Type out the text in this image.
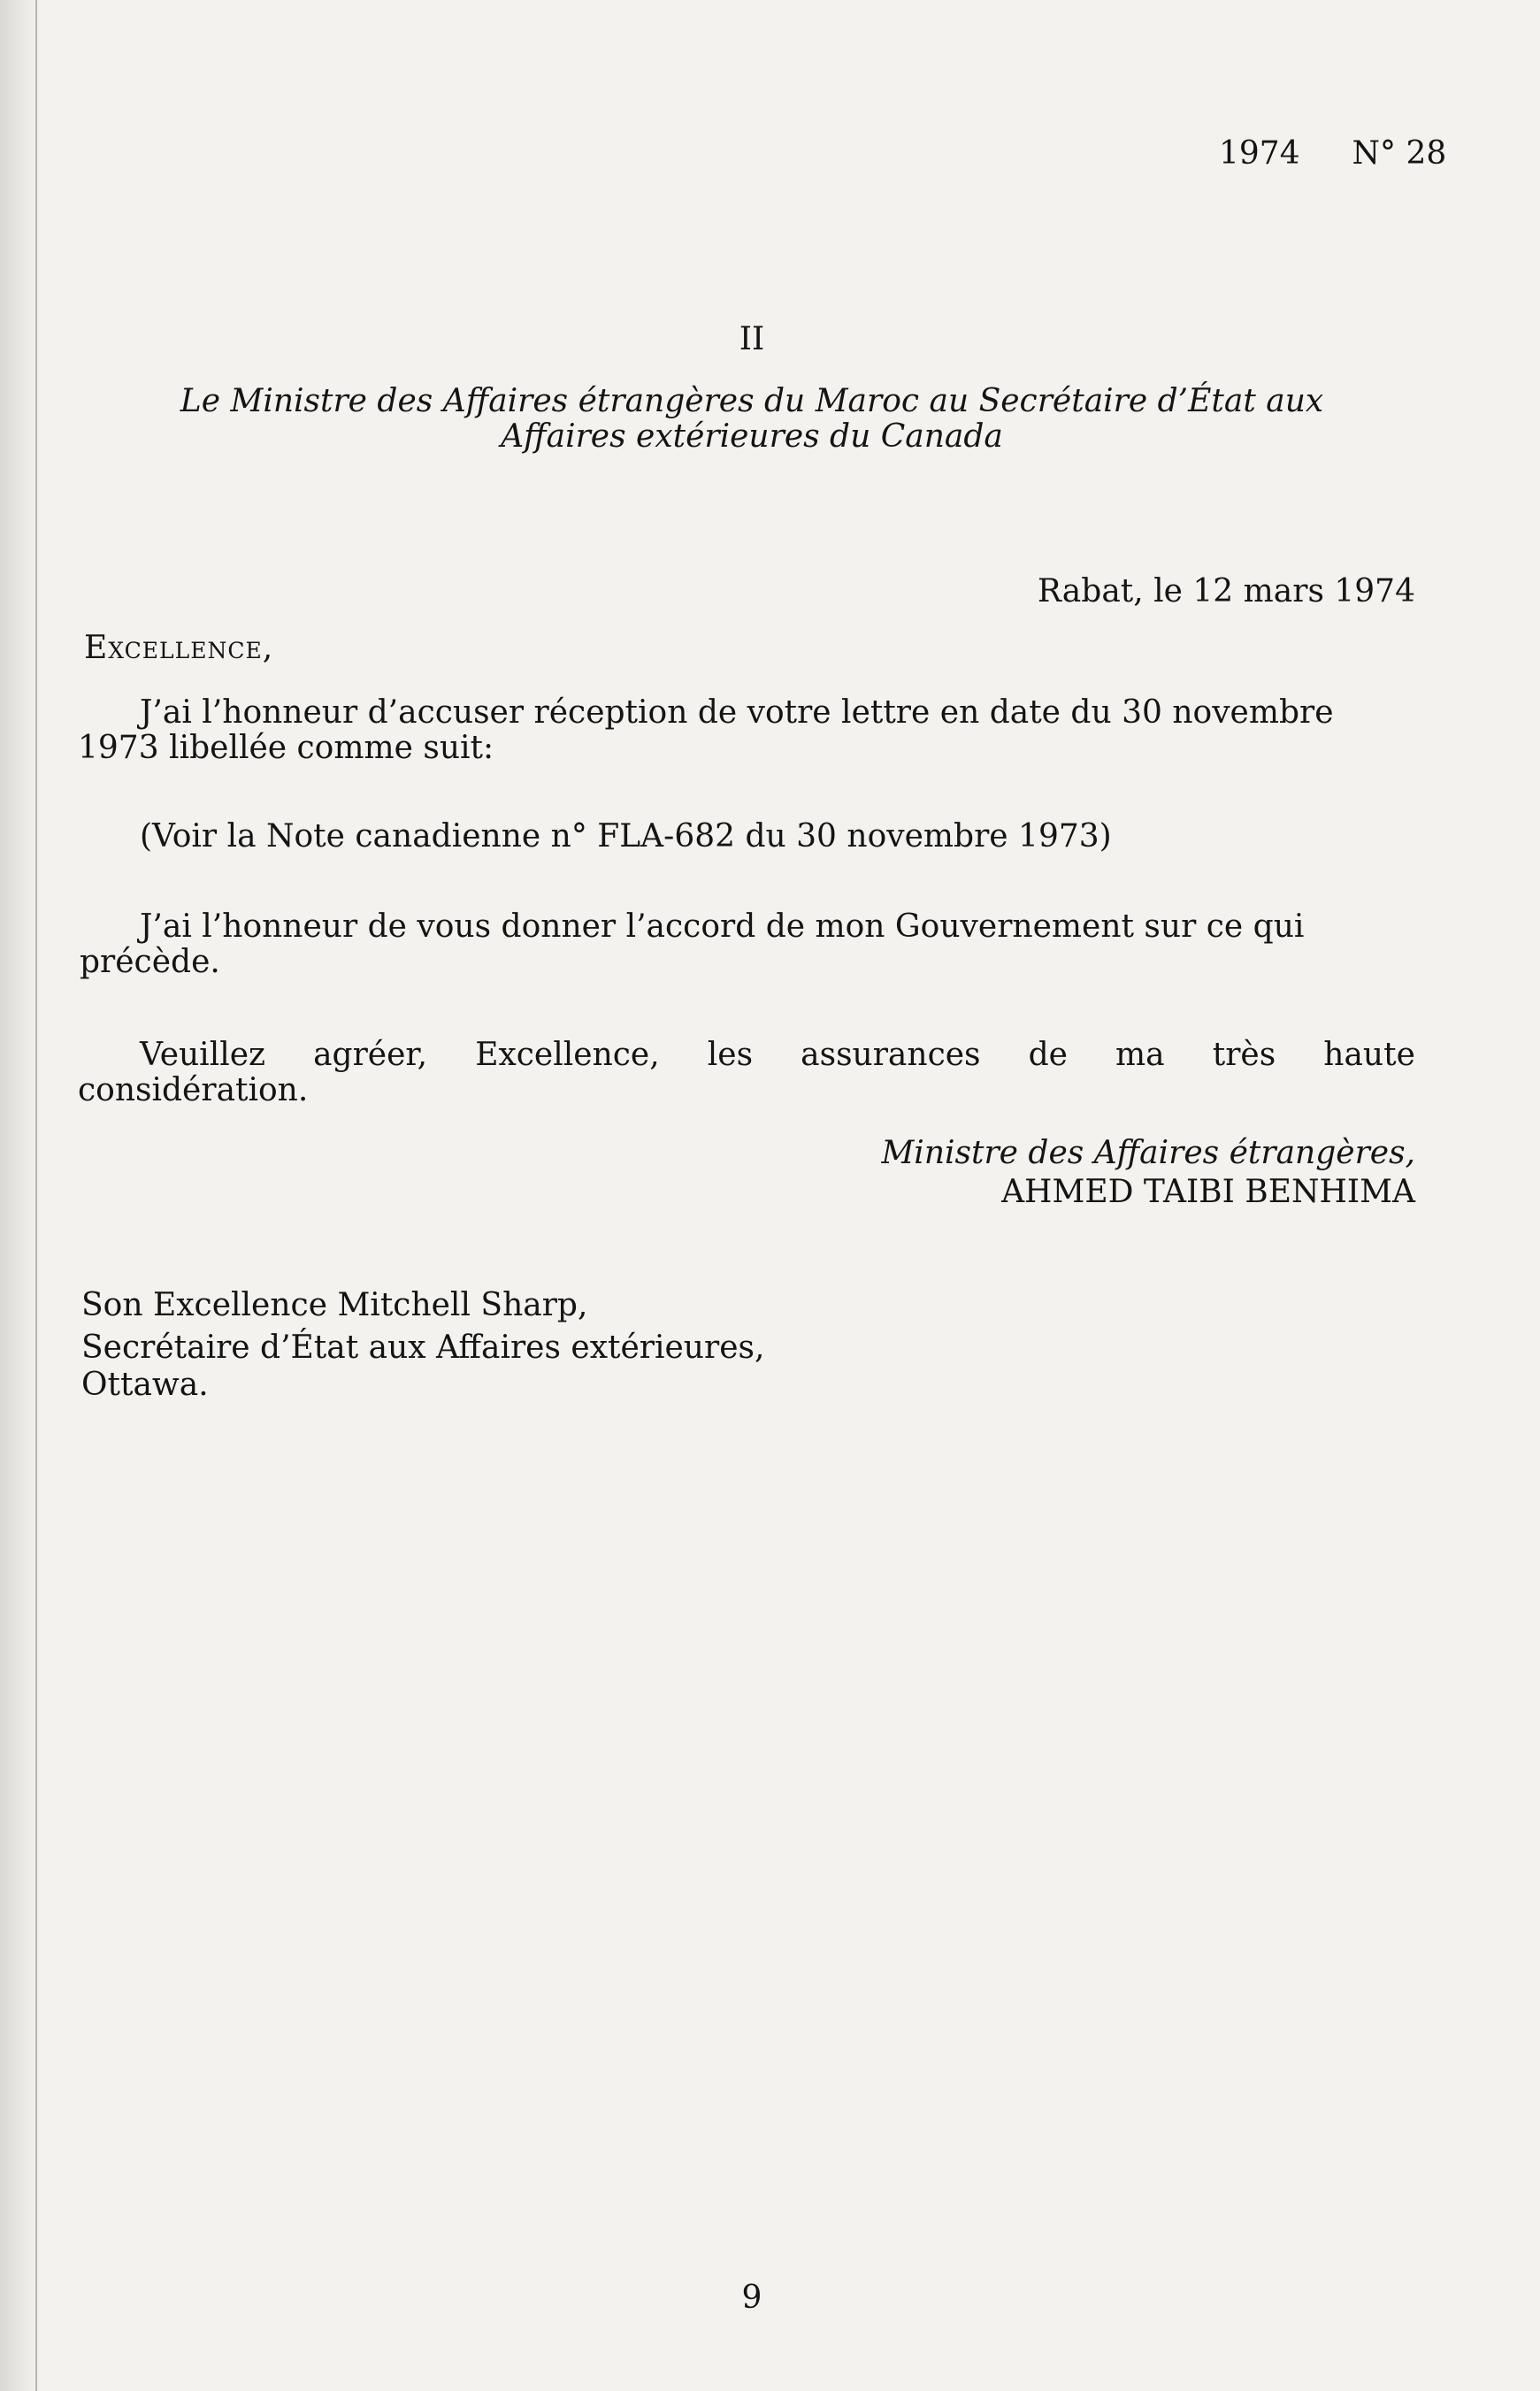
1974 N° 28
II
Le Ministre des Affaires étrangères du Maroc au Secrétaire d’État aux
Affaires extérieures du Canada
Rabat, le 12 mars 1974
Excellence,
J’ai l’honneur d’accuser réception de votre lettre en date du 30 novembre
1973 libellée comme suit:
(Voir la Note canadienne n° FLA-682 du 30 novembre 1973)
J’ai l’honneur de vous donner l’accord de mon Gouvernement sur ce qui
précède.
Veuillez agréer, Excellence, les assurances de ma très haute
considération.
Ministre des Affaires étrangères,
AHMED TAIBI BENHIMA
Son Excellence Mitchell Sharp,
Secrétaire d’État aux Affaires extérieures,
Ottawa.
9
